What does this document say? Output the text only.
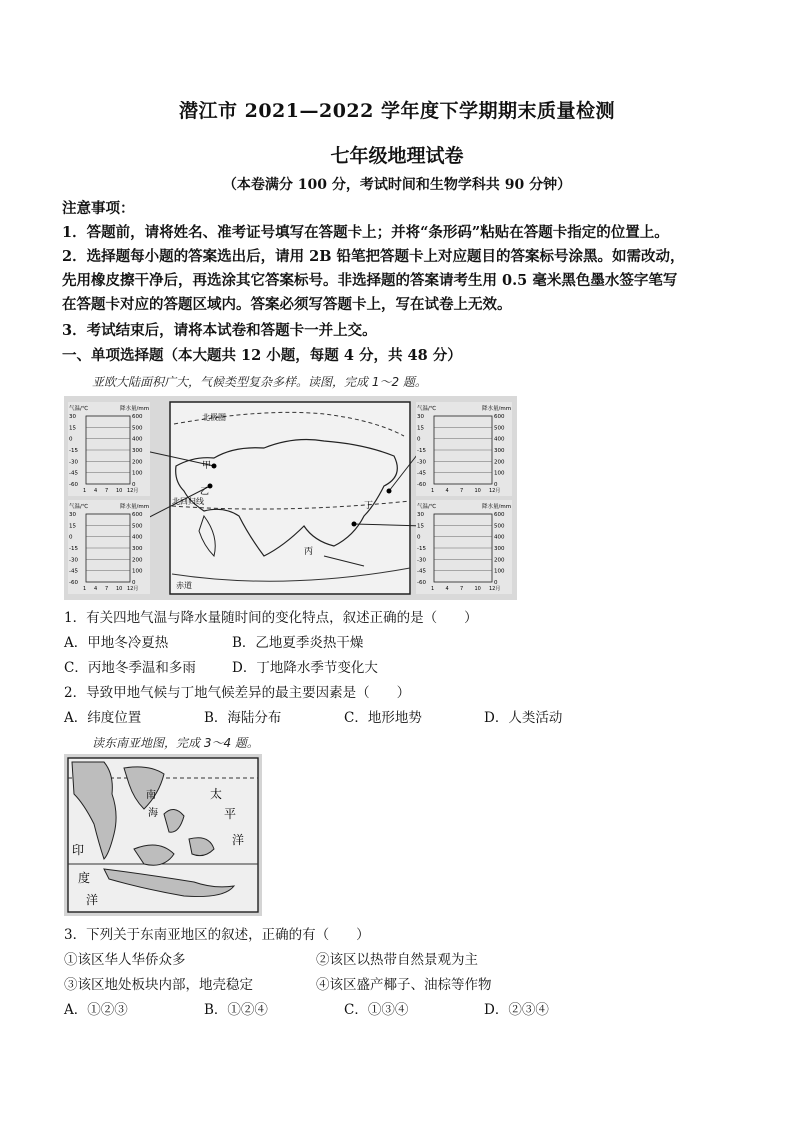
潜江市 2021—2022 学年度下学期期末质量检测
七年级地理试卷
（本卷满分 100 分，考试时间和生物学科共 90 分钟）
注意事项：
1．答题前，请将姓名、准考证号填写在答题卡上；并将“条形码”粘贴在答题卡指定的位置上。
2．选择题每小题的答案选出后，请用 2B 铅笔把答题卡上对应题目的答案标号涂黑。如需改动，
先用橡皮擦干净后，再选涂其它答案标号。非选择题的答案请考生用 0.5 毫米黑色墨水签字笔写
在答题卡对应的答题区域内。答案必须写答题卡上，写在试卷上无效。
3．考试结束后，请将本试卷和答题卡一并上交。
一、单项选择题（本大题共 12 小题，每题 4 分，共 48 分）
亚欧大陆面积广大，气候类型复杂多样。读图，完成 1～2 题。
北极圈
北回归线
赤道
甲
乙
丙
丁
气温/℃	降水量/mm
30	600
15	500
0	400
-15	300
-30	200
-45	100
-60	0
1 4 7 10 12月
气温/℃	降水量/mm
30	600
15	500
0	400
-15	300
-30	200
-45	100
-60	0
1 4 7 10 12月
气温/℃	降水量/mm
30	600
15	500
0	400
-15	300
-30	200
-45	100
-60	0
1 4 7 10 12月
气温/℃	降水量/mm
30	600
15	500
0	400
-15	300
-30	200
-45	100
-60	0
1 4 7 10 12月
1．有关四地气温与降水量随时间的变化特点，叙述正确的是（　　）
A．甲地冬冷夏热	B．乙地夏季炎热干燥
C．丙地冬季温和多雨	D．丁地降水季节变化大
2．导致甲地气候与丁地气候差异的最主要因素是（　　）
A．纬度位置	B．海陆分布	C．地形地势	D．人类活动
读东南亚地图，完成 3～4 题。
南
海
太
平
洋
印
度
洋
3．下列关于东南亚地区的叙述，正确的有（　　）
①该区华人华侨众多	②该区以热带自然景观为主
③该区地处板块内部，地壳稳定	④该区盛产椰子、油棕等作物
A．①②③	B．①②④	C．①③④	D．②③④
